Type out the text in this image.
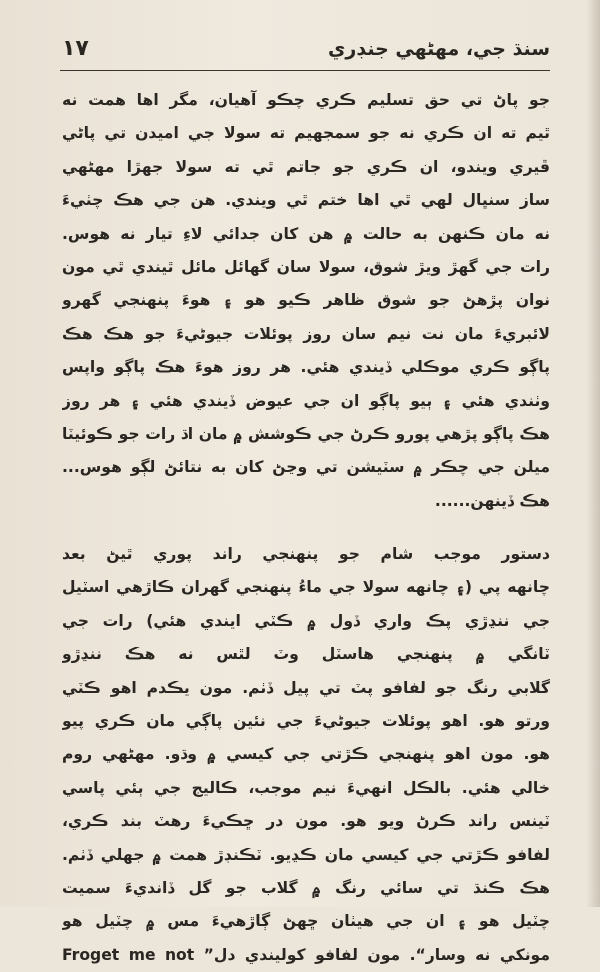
١٧	سنڌ جي، مهڻهي جنڊري
جو پاڻ تي حق تسليم ڪري چڪو آهيان، مگر اها همت نه
ٿيم ته ان ڪري نه جو سمجهيم ته سولا جي اميدن تي پاڻي
ڦيري ويندو، ان ڪري جو جاتم ٿي ته سولا جهڙا مهڻهي
ساز سنڀال لهي ٿي اها ختم ٿي ويندي. هن جي هڪ چٺيءَ
نه مان ڪنهن به حالت ۾ هن کان جدائي لاءِ تيار نه هوس.
رات جي گهڙ ويڙ شوق، سولا سان گهائل مائل ٿيندي ٿي مون
نوان پڙهڻ جو شوق ظاهر ڪيو هو ۽ هوءَ پنهنجي گهرو
لائبريءَ مان نت نيم سان روز پوئلات جيوڻيءَ جو هڪ هڪ
پاڳو ڪري موڪلي ڏيندي هئي. هر روز هوءَ هڪ پاڳو واپس
وٺندي هئي ۽ ٻيو پاڳو ان جي عيوض ڏيندي هئي ۽ هر روز
هڪ پاڳو پڙهي پورو ڪرڻ جي ڪوشش ۾ مان اڌ رات جو ڪوئيٽا
ميلن جي چڪر ۾ سٽيشن تي وڃڻ کان به نتائڻ لڳو هوس...
هڪ ڏينهن......
دستور موجب شام جو پنهنجي راند پوري ٿيڻ بعد
چانهه پي (۽ چانهه سولا جي ماءُ پنهنجي گهران ڪاڙهي اسٽيل
جي ننڍڙي پڪ واري ڏول ۾ ڪٽي ايندي هئي) رات جي
ٽانگي ۾ پنهنجي هاسٽل وٽ لٿس نه هڪ ننڍڙو
گلابي رنگ جو لفافو پٽ تي پيل ڏٺم. مون يڪدم اهو ڪٽي
ورتو هو. اهو پوئلات جيوڻيءَ جي نئين پاڳي مان ڪري پيو
هو. مون اهو پنهنجي ڪڙتي جي کيسي ۾ وڌو. مهڻهي روم
خالي هئي. بالڪل انهيءَ نيم موجب، ڪاليج جي ٻئي پاسي
ٽينس راند ڪرڻ ويو هو. مون در ڇڪيءَ رهٽ بند ڪري،
لفافو ڪڙتي جي کيسي مان ڪڍيو. ٽڪنڊڙ همت ۾ جهلي ڏٺم.
هڪ ڪنڌ تي سائي رنگ ۾ گلاب جو گل ڏانديءَ سميت
چٽيل هو ۽ ان جي هيٺان ڇهڻ ڳاڙهيءَ مس ۾ چٽيل هو
Froget me not ”مونکي نه وسار“. مون لفافو کوليندي دل
